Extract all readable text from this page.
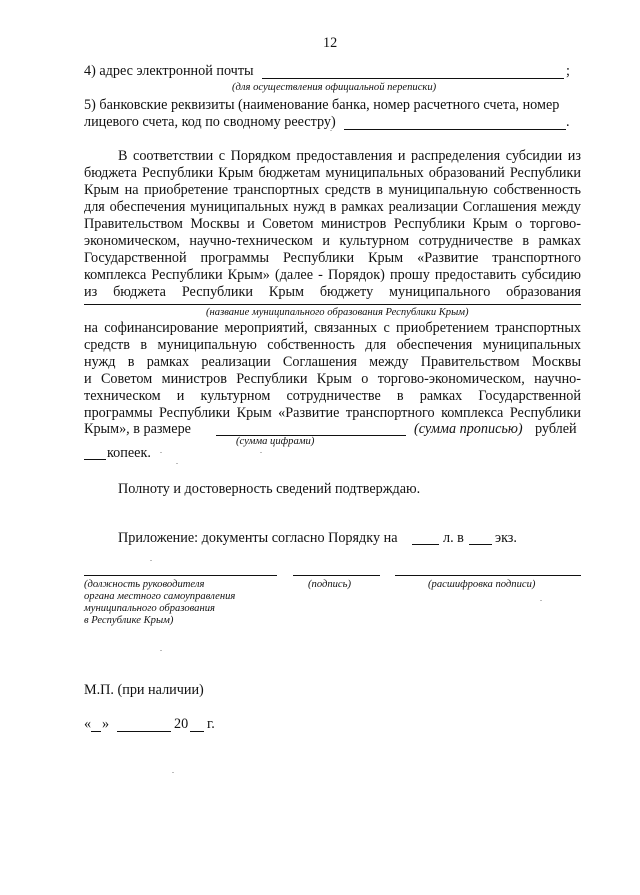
12
4) адрес электронной почты	;
(для осуществления официальной переписки)
5) банковские реквизиты (наименование банка, номер расчетного счета, номер
лицевого счета, код по сводному реестру)	.
В соответствии с Порядком предоставления и распределения субсидии из
бюджета Республики Крым бюджетам муниципальных образований Республики
Крым на приобретение транспортных средств в муниципальную собственность
для обеспечения муниципальных нужд в рамках реализации Соглашения между
Правительством Москвы и Советом министров Республики Крым о торгово-
экономическом, научно-техническом и культурном сотрудничестве в рамках
Государственной программы Республики Крым «Развитие транспортного
комплекса Республики Крым» (далее - Порядок) прошу предоставить субсидию
из бюджета Республики Крым бюджету муниципального образования
(название муниципального образования Республики Крым)
на софинансирование мероприятий, связанных с приобретением транспортных
средств в муниципальную собственность для обеспечения муниципальных
нужд в рамках реализации Соглашения между Правительством Москвы
и Советом министров Республики Крым о торгово-экономическом, научно-
техническом и культурном сотрудничестве в рамках Государственной
программы Республики Крым «Развитие транспортного комплекса Республики
Крым», в размере	(сумма прописью) рублей
(сумма цифрами)
копеек.
Полноту и достоверность сведений подтверждаю.
Приложение: документы согласно Порядку на	л. в экз.
(должность руководителя
органа местного самоуправления
муниципального образования
в Республике Крым)
(подпись)	(расшифровка подписи)
М.П. (при наличии)
« »	20 г.
